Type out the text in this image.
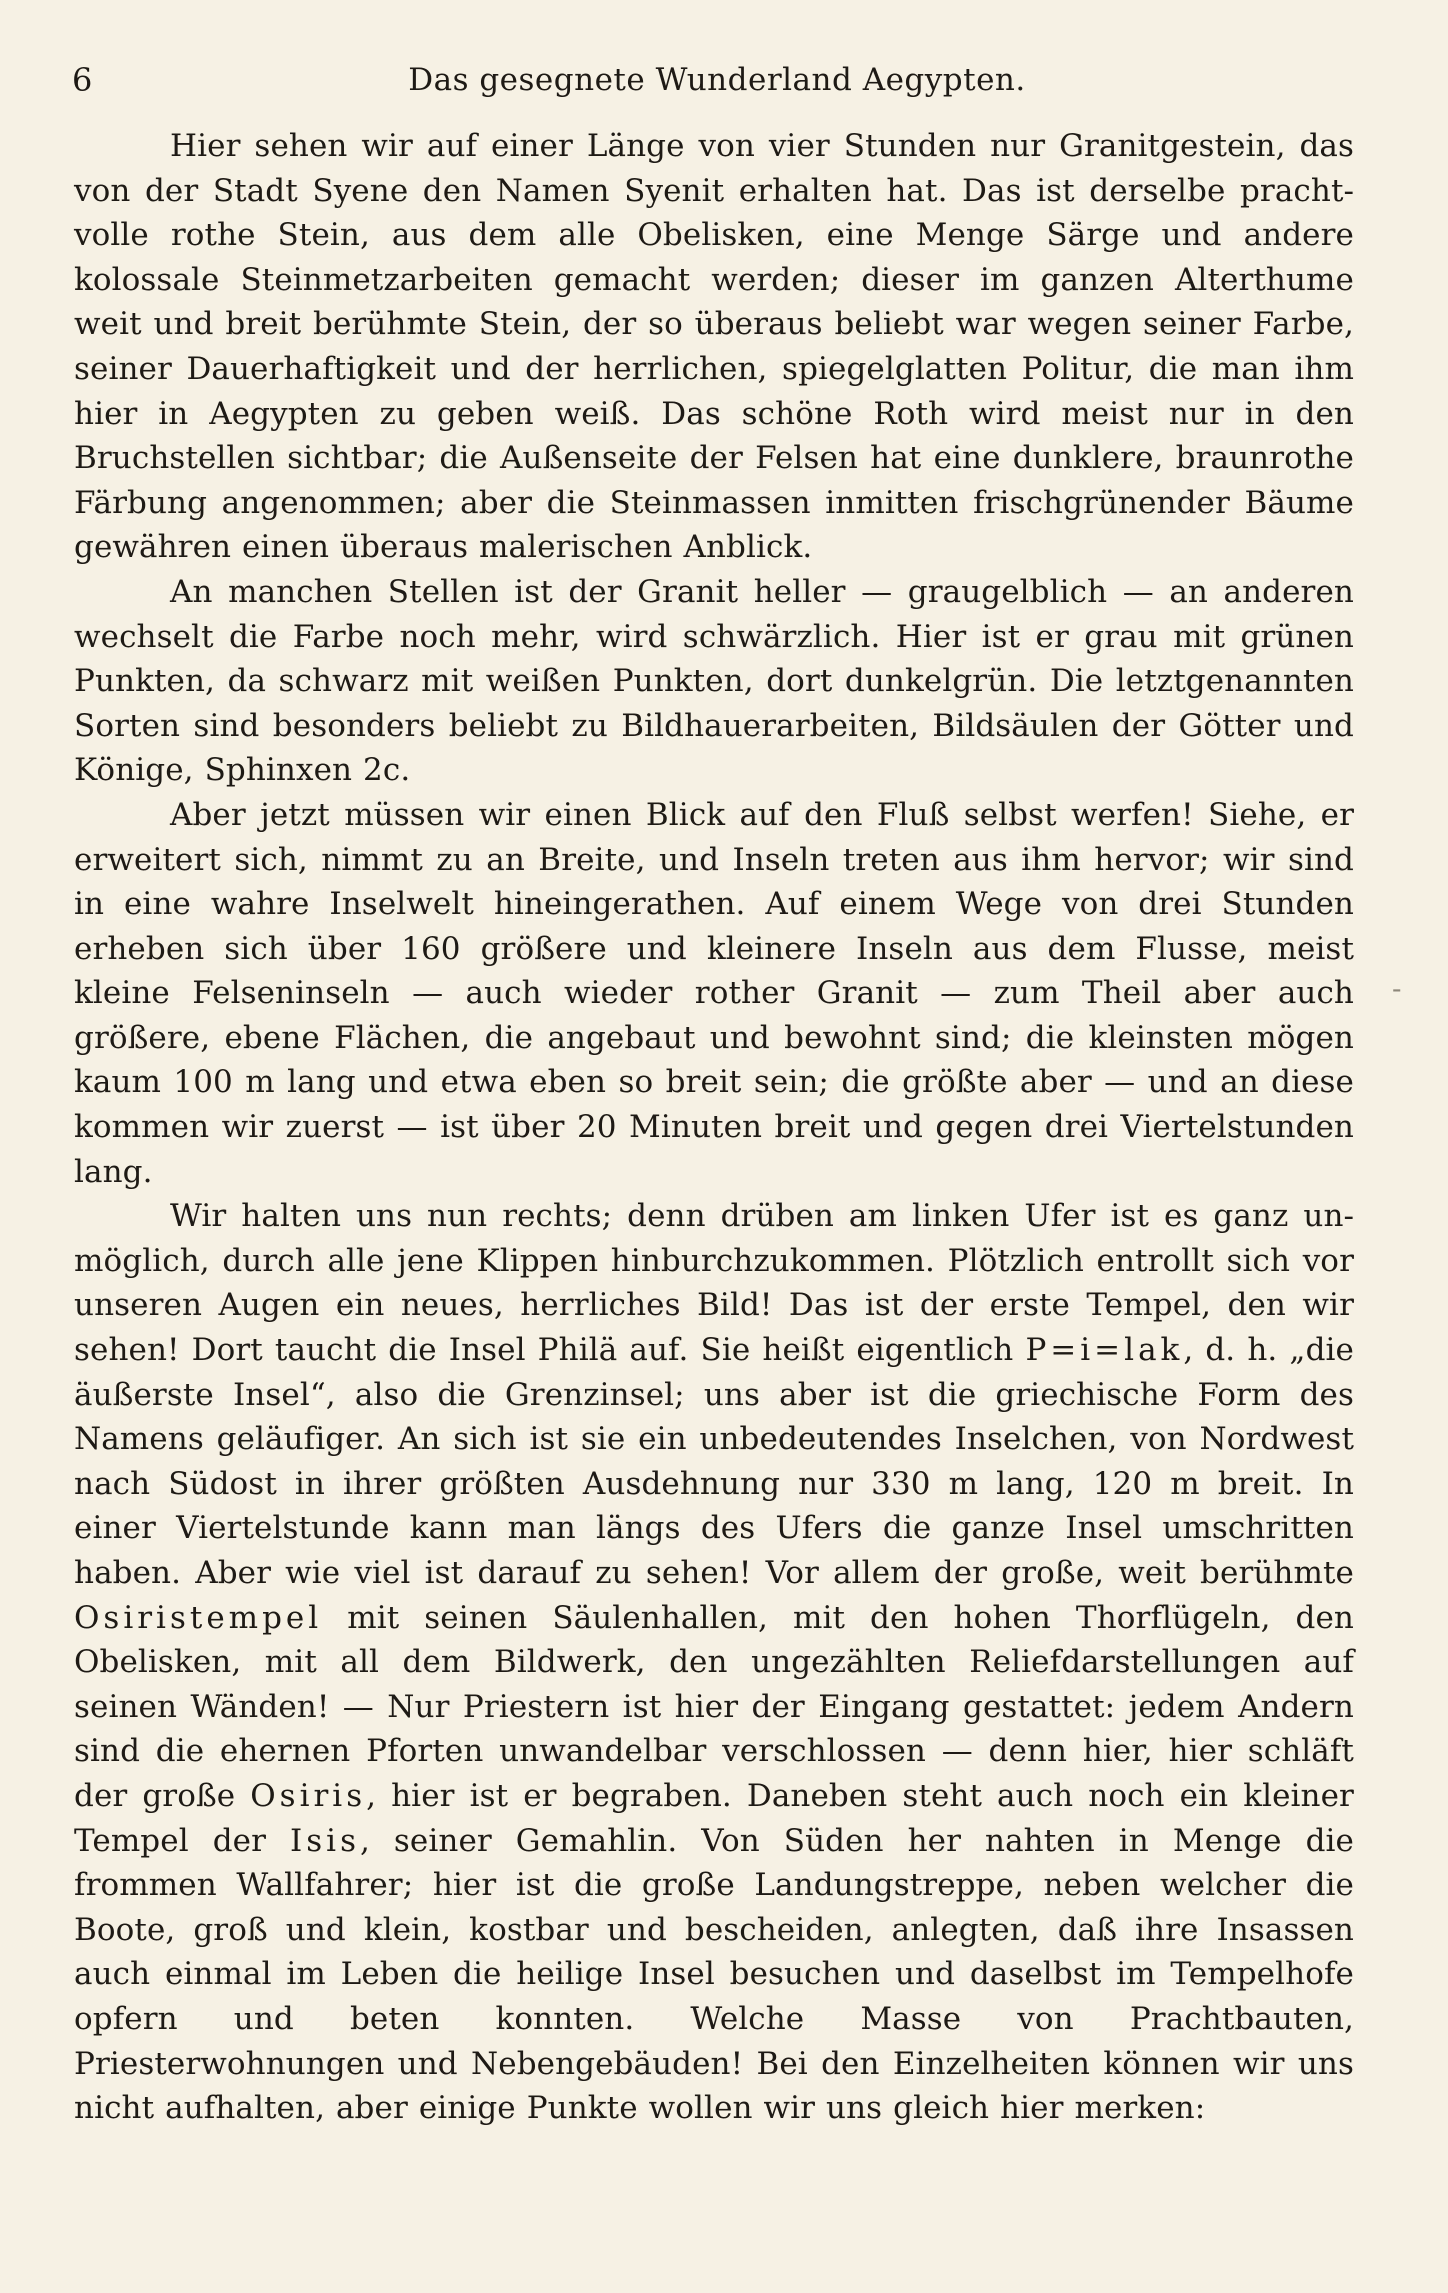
6	Das gesegnete Wunderland Aegypten.

Hier sehen wir auf einer Länge von vier Stunden nur Granitgestein, das von der Stadt Syene den Namen Syenit erhalten hat. Das ist derselbe prachtvolle rothe Stein, aus dem alle Obelisken, eine Menge Särge und andere kolossale Steinmetzarbeiten gemacht werden; dieser im ganzen Alterthume weit und breit berühmte Stein, der so überaus beliebt war wegen seiner Farbe, seiner Dauerhaftigkeit und der herrlichen, spiegelglatten Politur, die man ihm hier in Aegypten zu geben weiß. Das schöne Roth wird meist nur in den Bruchstellen sichtbar; die Außenseite der Felsen hat eine dunklere, braunrothe Färbung angenommen; aber die Steinmassen inmitten frischgrünender Bäume gewähren einen überaus malerischen Anblick.

An manchen Stellen ist der Granit heller — graugelblich — an anderen wechselt die Farbe noch mehr, wird schwärzlich. Hier ist er grau mit grünen Punkten, da schwarz mit weißen Punkten, dort dunkelgrün. Die letztgenannten Sorten sind besonders beliebt zu Bildhauerarbeiten, Bildsäulen der Götter und Könige, Sphinxen 2c.

Aber jetzt müssen wir einen Blick auf den Fluß selbst werfen! Siehe, er erweitert sich, nimmt zu an Breite, und Inseln treten aus ihm hervor; wir sind in eine wahre Inselwelt hineingerathen. Auf einem Wege von drei Stunden erheben sich über 160 größere und kleinere Inseln aus dem Flusse, meist kleine Felseninseln — auch wieder rother Granit — zum Theil aber auch größere, ebene Flächen, die angebaut und bewohnt sind; die kleinsten mögen kaum 100 m lang und etwa eben so breit sein; die größte aber — und an diese kommen wir zuerst — ist über 20 Minuten breit und gegen drei Viertelstunden lang.

Wir halten uns nun rechts; denn drüben am linken Ufer ist es ganz unmöglich, durch alle jene Klippen hinburchzukommen. Plötzlich entrollt sich vor unseren Augen ein neues, herrliches Bild! Das ist der erste Tempel, den wir sehen! Dort taucht die Insel Philä auf. Sie heißt eigentlich P=i=lak, d. h. „die äußerste Insel“, also die Grenzinsel; uns aber ist die griechische Form des Namens geläufiger. An sich ist sie ein unbedeutendes Inselchen, von Nordwest nach Südost in ihrer größten Ausdehnung nur 330 m lang, 120 m breit. In einer Viertelstunde kann man längs des Ufers die ganze Insel umschritten haben. Aber wie viel ist darauf zu sehen! Vor allem der große, weit berühmte Osiristempel mit seinen Säulenhallen, mit den hohen Thorflügeln, den Obelisken, mit all dem Bildwerk, den ungezählten Reliefdarstellungen auf seinen Wänden! — Nur Priestern ist hier der Eingang gestattet: jedem Andern sind die ehernen Pforten unwandelbar verschlossen — denn hier, hier schläft der große Osiris, hier ist er begraben. Daneben steht auch noch ein kleiner Tempel der Isis, seiner Gemahlin. Von Süden her nahten in Menge die frommen Wallfahrer; hier ist die große Landungstreppe, neben welcher die Boote, groß und klein, kostbar und bescheiden, anlegten, daß ihre Insassen auch einmal im Leben die heilige Insel besuchen und daselbst im Tempelhofe opfern und beten konnten. Welche Masse von Prachtbauten, Priesterwohnungen und Nebengebäuden! Bei den Einzelheiten können wir uns nicht aufhalten, aber einige Punkte wollen wir uns gleich hier merken:

-
